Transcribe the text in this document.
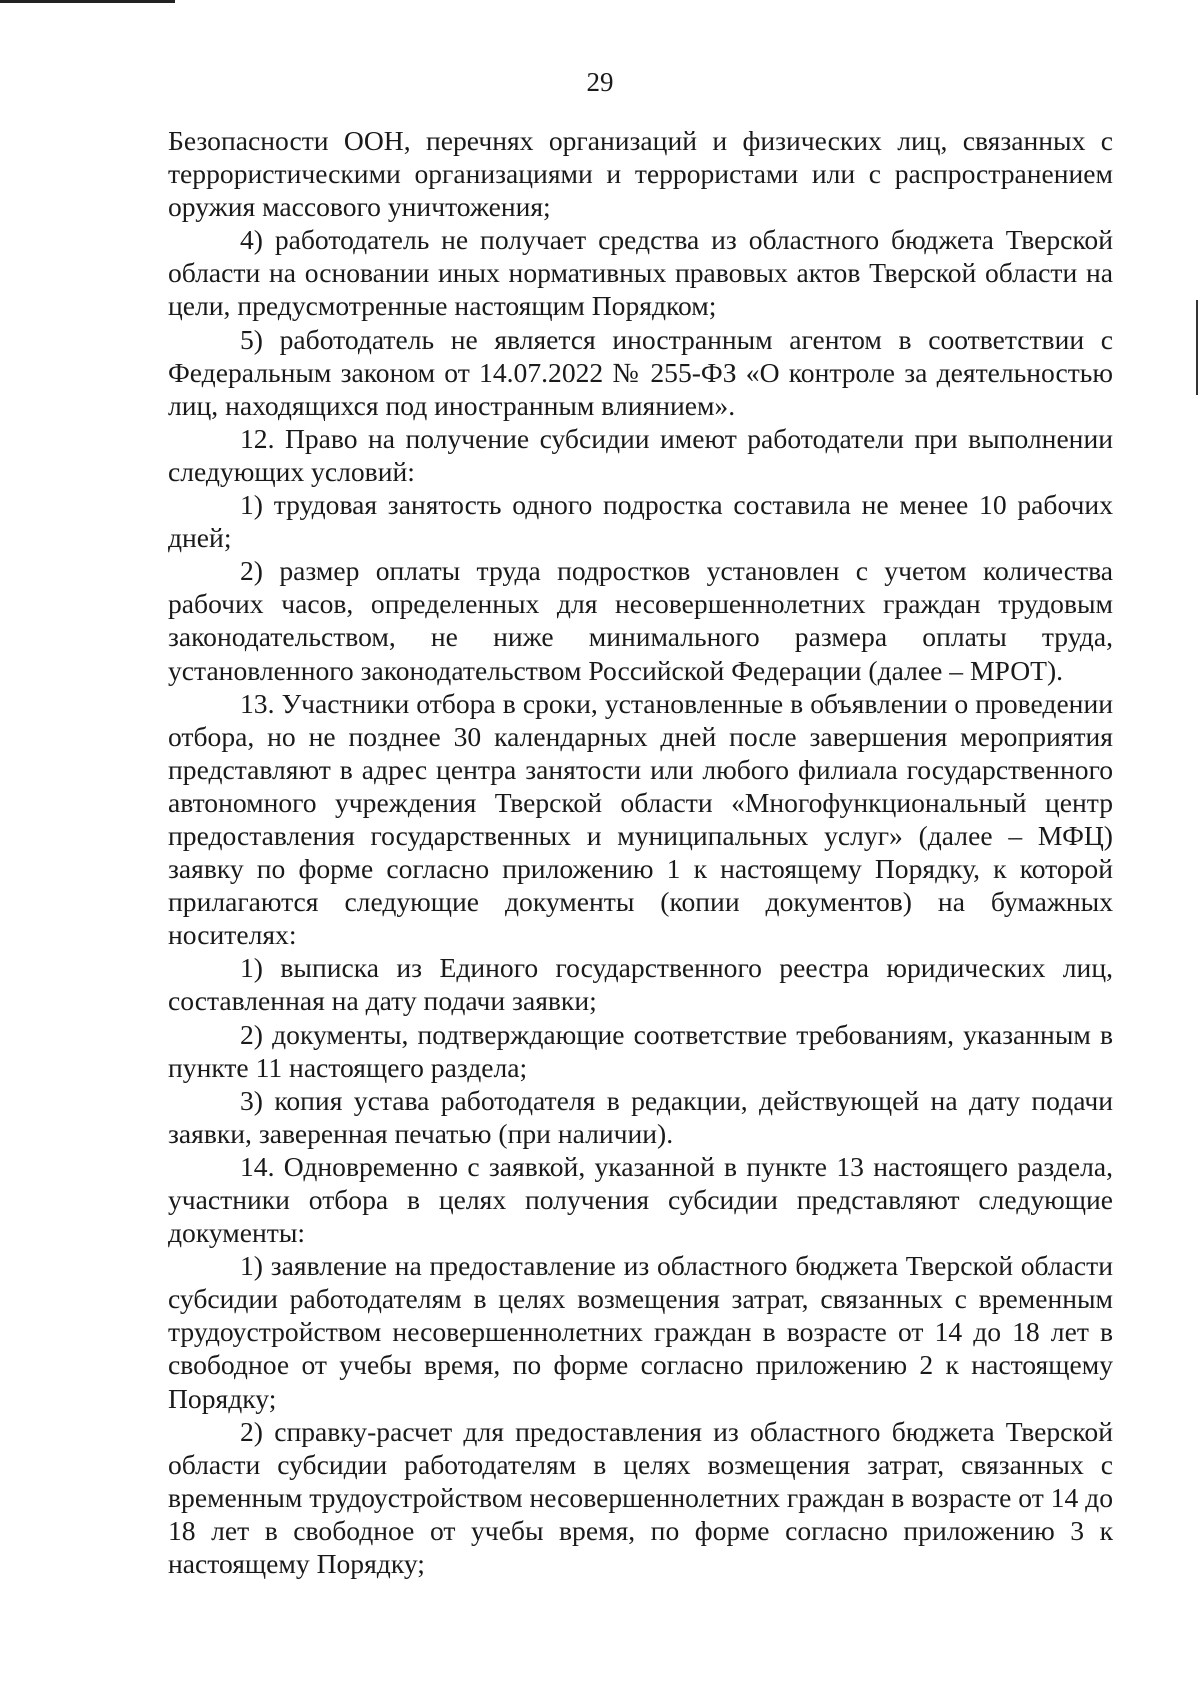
29

Безопасности ООН, перечнях организаций и физических лиц, связанных с террористическими организациями и террористами или с распространением оружия массового уничтожения;

4) работодатель не получает средства из областного бюджета Тверской области на основании иных нормативных правовых актов Тверской области на цели, предусмотренные настоящим Порядком;

5) работодатель не является иностранным агентом в соответствии с Федеральным законом от 14.07.2022 № 255-ФЗ «О контроле за деятельностью лиц, находящихся под иностранным влиянием».

12. Право на получение субсидии имеют работодатели при выполнении следующих условий:

1) трудовая занятость одного подростка составила не менее 10 рабочих дней;

2) размер оплаты труда подростков установлен с учетом количества рабочих часов, определенных для несовершеннолетних граждан трудовым законодательством, не ниже минимального размера оплаты труда, установленного законодательством Российской Федерации (далее – МРОТ).

13. Участники отбора в сроки, установленные в объявлении о проведении отбора, но не позднее 30 календарных дней после завершения мероприятия представляют в адрес центра занятости или любого филиала государственного автономного учреждения Тверской области «Многофункциональный центр предоставления государственных и муниципальных услуг» (далее – МФЦ) заявку по форме согласно приложению 1 к настоящему Порядку, к которой прилагаются следующие документы (копии документов) на бумажных носителях:

1) выписка из Единого государственного реестра юридических лиц, составленная на дату подачи заявки;

2) документы, подтверждающие соответствие требованиям, указанным в пункте 11 настоящего раздела;

3) копия устава работодателя в редакции, действующей на дату подачи заявки, заверенная печатью (при наличии).

14. Одновременно с заявкой, указанной в пункте 13 настоящего раздела, участники отбора в целях получения субсидии представляют следующие документы:

1) заявление на предоставление из областного бюджета Тверской области субсидии работодателям в целях возмещения затрат, связанных с временным трудоустройством несовершеннолетних граждан в возрасте от 14 до 18 лет в свободное от учебы время, по форме согласно приложению 2 к настоящему Порядку;

2) справку-расчет для предоставления из областного бюджета Тверской области субсидии работодателям в целях возмещения затрат, связанных с временным трудоустройством несовершеннолетних граждан в возрасте от 14 до 18 лет в свободное от учебы время, по форме согласно приложению 3 к настоящему Порядку;
